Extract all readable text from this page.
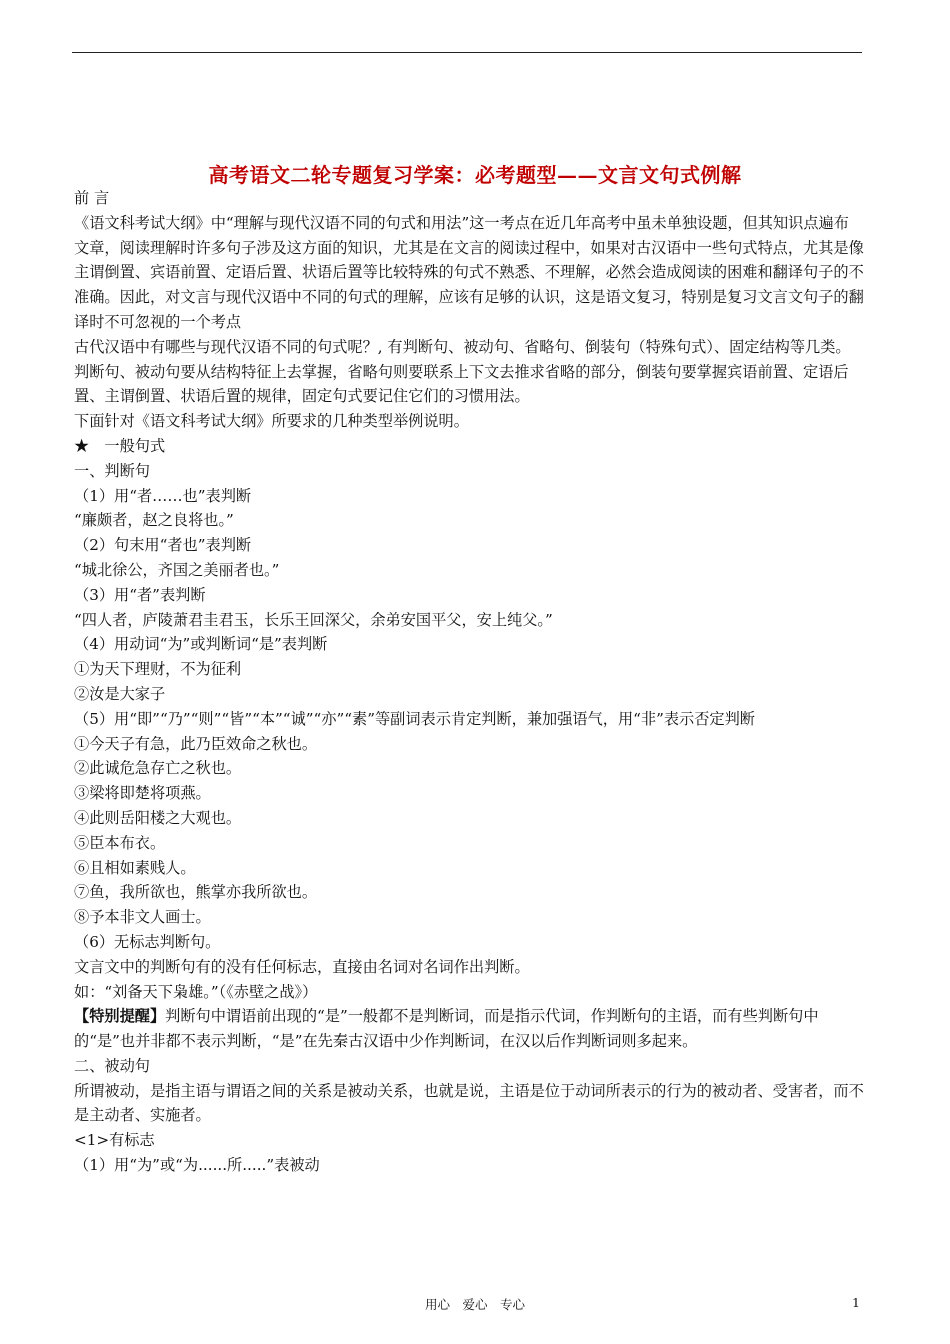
高考语文二轮专题复习学案：必考题型——文言文句式例解

前 言

《语文科考试大纲》中“理解与现代汉语不同的句式和用法”这一考点在近几年高考中虽未单独设题，但其知识点遍布文章，阅读理解时许多句子涉及这方面的知识，尤其是在文言的阅读过程中，如果对古汉语中一些句式特点，尤其是像主谓倒置、宾语前置、定语后置、状语后置等比较特殊的句式不熟悉、不理解，必然会造成阅读的困难和翻译句子的不准确。因此，对文言与现代汉语中不同的句式的理解，应该有足够的认识，这是语文复习，特别是复习文言文句子的翻译时不可忽视的一个考点

古代汉语中有哪些与现代汉语不同的句式呢？, 有判断句、被动句、省略句、倒装句（特殊句式）、固定结构等几类。判断句、被动句要从结构特征上去掌握，省略句则要联系上下文去推求省略的部分，倒装句要掌握宾语前置、定语后置、主谓倒置、状语后置的规律，固定句式要记住它们的习惯用法。

下面针对《语文科考试大纲》所要求的几种类型举例说明。

★　一般句式

一、判断句

（1）用“者……也”表判断

“廉颇者，赵之良将也。”

（2）句末用“者也”表判断

“城北徐公，齐国之美丽者也。”

（3）用“者”表判断

“四人者，庐陵萧君圭君玉，长乐王回深父，余弟安国平父，安上纯父。”

（4）用动词“为”或判断词“是”表判断

①为天下理财，不为征利

②汝是大家子

（5）用“即”“乃”“则”“皆”“本”“诚”“亦”“素”等副词表示肯定判断，兼加强语气，用“非”表示否定判断

①今天子有急，此乃臣效命之秋也。

②此诚危急存亡之秋也。

③梁将即楚将项燕。

④此则岳阳楼之大观也。

⑤臣本布衣。

⑥且相如素贱人。

⑦鱼，我所欲也，熊掌亦我所欲也。

⑧予本非文人画士。

（6）无标志判断句。

文言文中的判断句有的没有任何标志，直接由名词对名词作出判断。

如：“刘备天下枭雄。”（《赤壁之战》）

【特别提醒】判断句中谓语前出现的“是”一般都不是判断词，而是指示代词，作判断句的主语，而有些判断句中的“是”也并非都不表示判断，“是”在先秦古汉语中少作判断词，在汉以后作判断词则多起来。

二、被动句

所谓被动，是指主语与谓语之间的关系是被动关系，也就是说，主语是位于动词所表示的行为的被动者、受害者，而不是主动者、实施者。

<1>有标志

（1）用“为”或“为......所.....”表被动

用心　爱心　专心	1
